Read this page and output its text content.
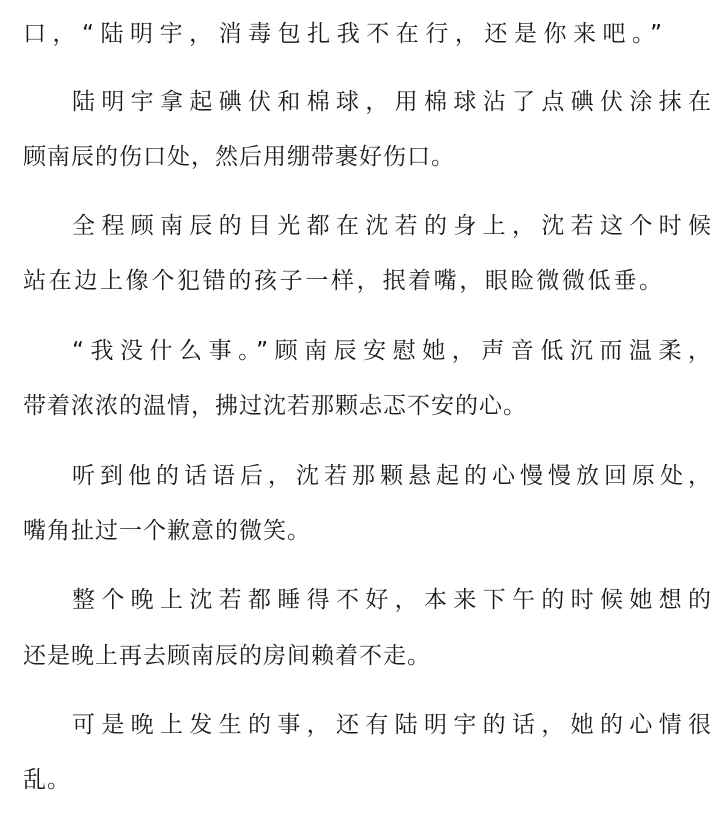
口，“陆明宇，消毒包扎我不在行，还是你来吧。”
陆明宇拿起碘伏和棉球，用棉球沾了点碘伏涂抹在
顾南辰的伤口处，然后用绷带裹好伤口。
全程顾南辰的目光都在沈若的身上，沈若这个时候
站在边上像个犯错的孩子一样，抿着嘴，眼睑微微低垂。
“我没什么事。”顾南辰安慰她，声音低沉而温柔，
带着浓浓的温情，拂过沈若那颗忐忑不安的心。
听到他的话语后，沈若那颗悬起的心慢慢放回原处，
嘴角扯过一个歉意的微笑。
整个晚上沈若都睡得不好，本来下午的时候她想的
还是晚上再去顾南辰的房间赖着不走。
可是晚上发生的事，还有陆明宇的话，她的心情很
乱。
